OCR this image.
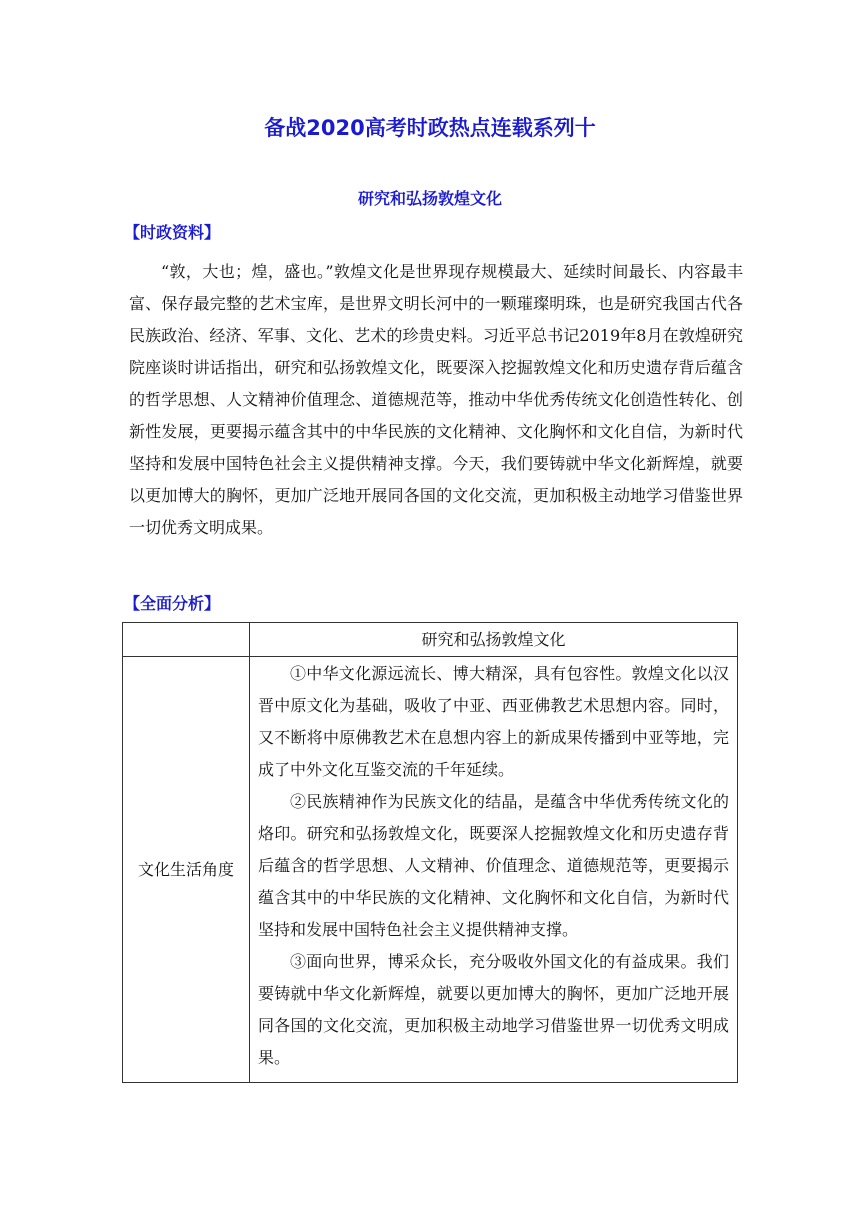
备战2020高考时政热点连载系列十
研究和弘扬敦煌文化
【时政资料】

“敦，大也；煌，盛也。”敦煌文化是世界现存规模最大、延续时间最长、内容最丰富、保存最完整的艺术宝库，是世界文明长河中的一颗璀璨明珠，也是研究我国古代各民族政治、经济、军事、文化、艺术的珍贵史料。习近平总书记2019年8月在敦煌研究院座谈时讲话指出，研究和弘扬敦煌文化，既要深入挖掘敦煌文化和历史遗存背后蕴含的哲学思想、人文精神价值理念、道德规范等，推动中华优秀传统文化创造性转化、创新性发展，更要揭示蕴含其中的中华民族的文化精神、文化胸怀和文化自信，为新时代坚持和发展中国特色社会主义提供精神支撑。今天，我们要铸就中华文化新辉煌，就要以更加博大的胸怀，更加广泛地开展同各国的文化交流，更加积极主动地学习借鉴世界一切优秀文明成果。

【全面分析】
	研究和弘扬敦煌文化
文化生活角度	①中华文化源远流长、博大精深，具有包容性。敦煌文化以汉晋中原文化为基础，吸收了中亚、西亚佛教艺术思想内容。同时，又不断将中原佛教艺术在息想内容上的新成果传播到中亚等地，完成了中外文化互鉴交流的千年延续。

②民族精神作为民族文化的结晶，是蕴含中华优秀传统文化的烙印。研究和弘扬敦煌文化，既要深人挖掘敦煌文化和历史遗存背后蕴含的哲学思想、人文精神、价值理念、道德规范等，更要揭示蕴含其中的中华民族的文化精神、文化胸怀和文化自信，为新时代坚持和发展中国特色社会主义提供精神支撑。

③面向世界，博采众长，充分吸收外国文化的有益成果。我们要铸就中华文化新辉煌，就要以更加博大的胸怀，更加广泛地开展同各国的文化交流，更加积极主动地学习借鉴世界一切优秀文明成果。
